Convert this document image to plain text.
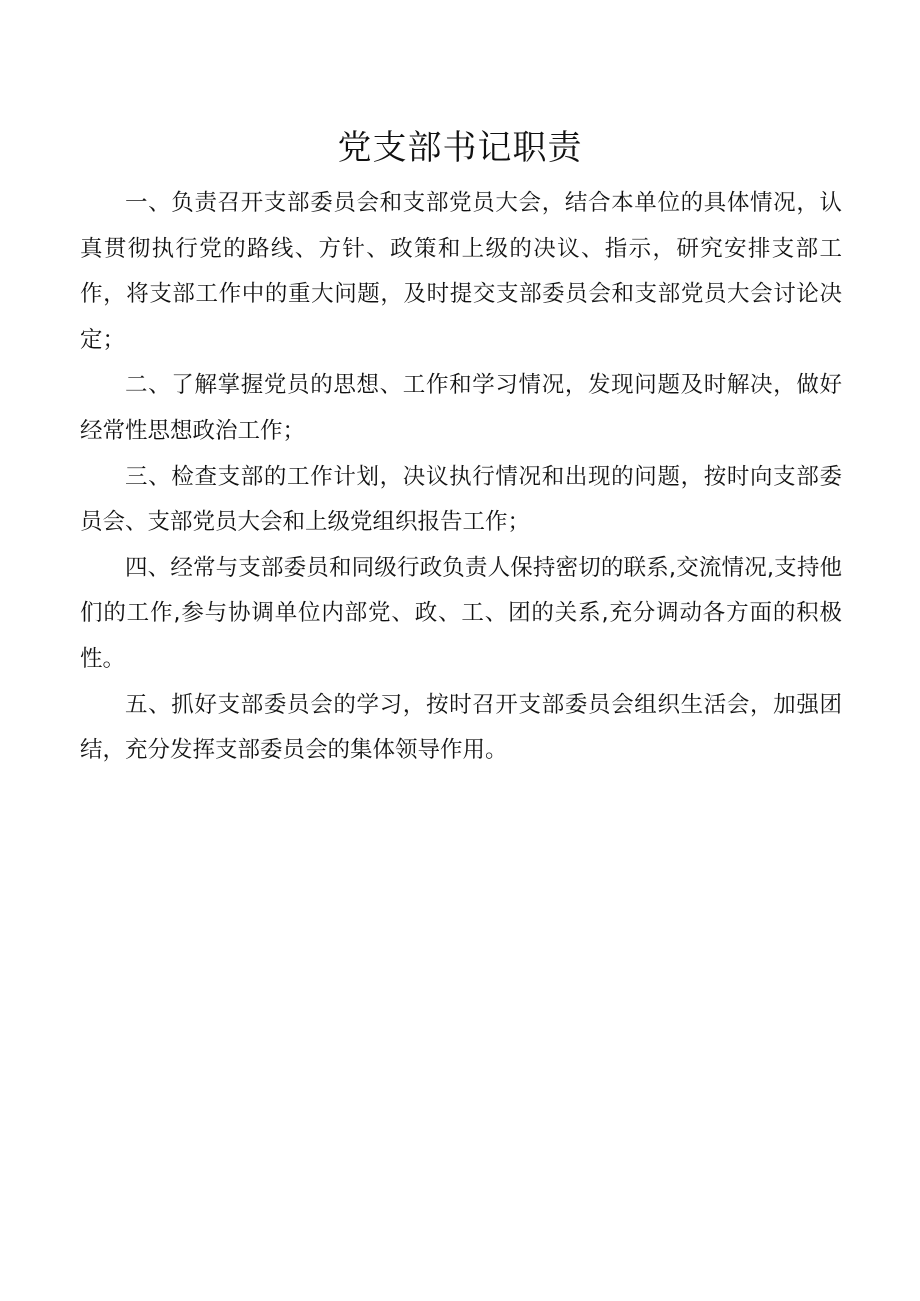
党支部书记职责

一、负责召开支部委员会和支部党员大会，结合本单位的具体情况，认真贯彻执行党的路线、方针、政策和上级的决议、指示，研究安排支部工作，将支部工作中的重大问题，及时提交支部委员会和支部党员大会讨论决定；

二、了解掌握党员的思想、工作和学习情况，发现问题及时解决，做好经常性思想政治工作；

三、检查支部的工作计划，决议执行情况和出现的问题，按时向支部委员会、支部党员大会和上级党组织报告工作；

四、经常与支部委员和同级行政负责人保持密切的联系,交流情况,支持他们的工作,参与协调单位内部党、政、工、团的关系,充分调动各方面的积极性。

五、抓好支部委员会的学习，按时召开支部委员会组织生活会，加强团结，充分发挥支部委员会的集体领导作用。
